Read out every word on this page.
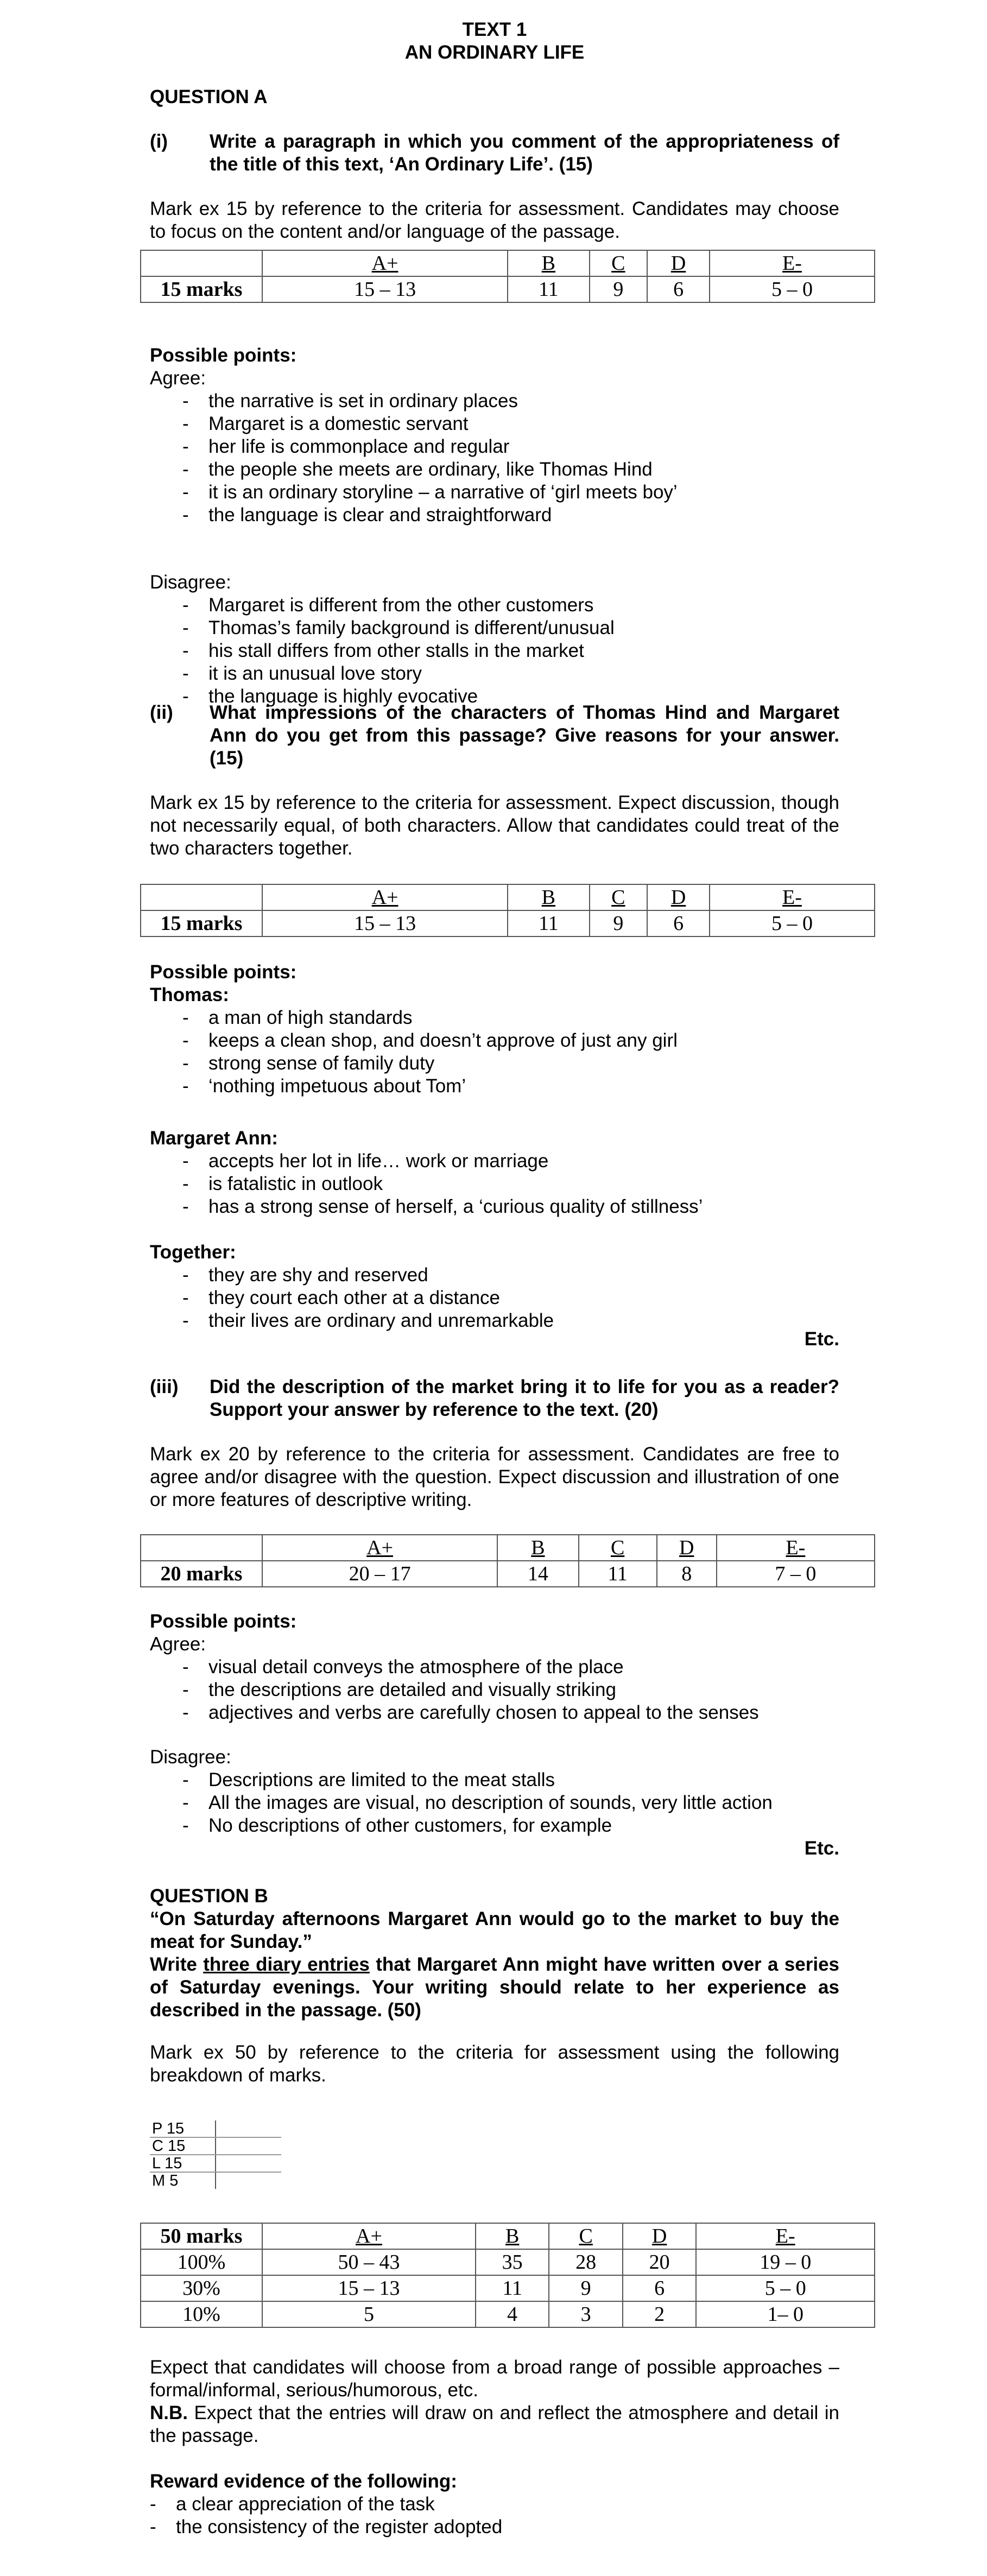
TEXT 1
AN ORDINARY LIFE
QUESTION A
(i)	Write a paragraph in which you comment of the appropriateness of the title of this text, ‘An Ordinary Life’. (15)
Mark ex 15 by reference to the criteria for assessment. Candidates may choose to focus on the content and/or language of the passage.
	A+	B	C	D	E-
15 marks	15 – 13	11	9	6	5 – 0
Possible points:
Agree:
- the narrative is set in ordinary places
- Margaret is a domestic servant
- her life is commonplace and regular
- the people she meets are ordinary, like Thomas Hind
- it is an ordinary storyline – a narrative of ‘girl meets boy’
- the language is clear and straightforward
Disagree:
- Margaret is different from the other customers
- Thomas’s family background is different/unusual
- his stall differs from other stalls in the market
- it is an unusual love story
- the language is highly evocative
(ii)	What impressions of the characters of Thomas Hind and Margaret Ann do you get from this passage? Give reasons for your answer. (15)
Mark ex 15 by reference to the criteria for assessment. Expect discussion, though not necessarily equal, of both characters. Allow that candidates could treat of the two characters together.
	A+	B	C	D	E-
15 marks	15 – 13	11	9	6	5 – 0
Possible points:
Thomas:
- a man of high standards
- keeps a clean shop, and doesn’t approve of just any girl
- strong sense of family duty
- ‘nothing impetuous about Tom’
Margaret Ann:
- accepts her lot in life… work or marriage
- is fatalistic in outlook
- has a strong sense of herself, a ‘curious quality of stillness’
Together:
- they are shy and reserved
- they court each other at a distance
- their lives are ordinary and unremarkable
Etc.
(iii)	Did the description of the market bring it to life for you as a reader? Support your answer by reference to the text. (20)
Mark ex 20 by reference to the criteria for assessment. Candidates are free to agree and/or disagree with the question. Expect discussion and illustration of one or more features of descriptive writing.
	A+	B	C	D	E-
20 marks	20 – 17	14	11	8	7 – 0
Possible points:
Agree:
- visual detail conveys the atmosphere of the place
- the descriptions are detailed and visually striking
- adjectives and verbs are carefully chosen to appeal to the senses
Disagree:
- Descriptions are limited to the meat stalls
- All the images are visual, no description of sounds, very little action
- No descriptions of other customers, for example
Etc.
QUESTION B
“On Saturday afternoons Margaret Ann would go to the market to buy the meat for Sunday.”
Write three diary entries that Margaret Ann might have written over a series of Saturday evenings. Your writing should relate to her experience as described in the passage. (50)
Mark ex 50 by reference to the criteria for assessment using the following breakdown of marks.
P 15	
C 15	
L 15	
M 5	
50 marks	A+	B	C	D	E-
100%	50 – 43	35	28	20	19 – 0
30%	15 – 13	11	9	6	5 – 0
10%	5	4	3	2	1– 0
Expect that candidates will choose from a broad range of possible approaches – formal/informal, serious/humorous, etc.
N.B. Expect that the entries will draw on and reflect the atmosphere and detail in the passage.
Reward evidence of the following:
- a clear appreciation of the task
- the consistency of the register adopted
